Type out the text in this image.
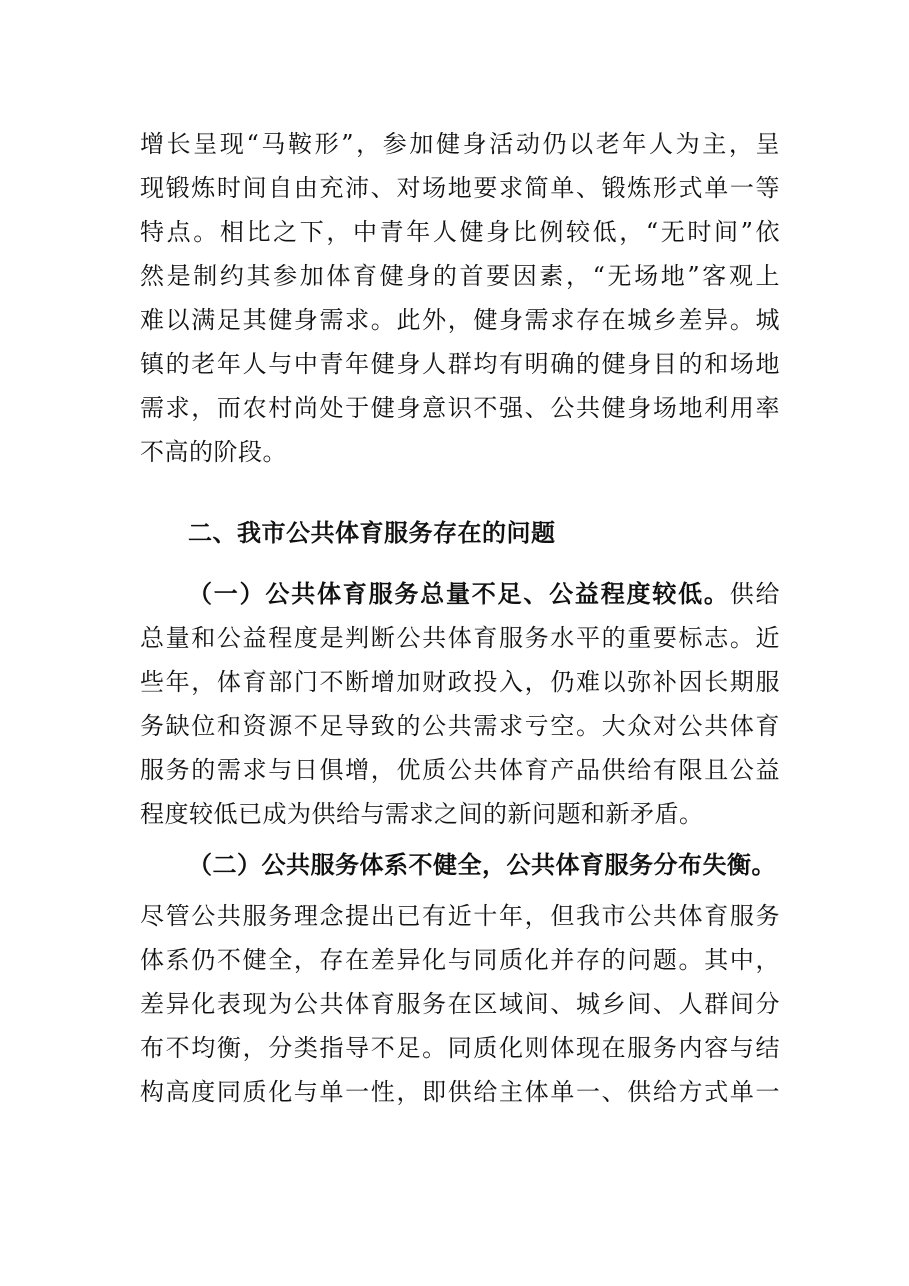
增长呈现“马鞍形”，参加健身活动仍以老年人为主，呈
现锻炼时间自由充沛、对场地要求简单、锻炼形式单一等
特点。相比之下，中青年人健身比例较低，“无时间”依
然是制约其参加体育健身的首要因素，“无场地”客观上
难以满足其健身需求。此外，健身需求存在城乡差异。城
镇的老年人与中青年健身人群均有明确的健身目的和场地
需求，而农村尚处于健身意识不强、公共健身场地利用率
不高的阶段。
二、我市公共体育服务存在的问题
（一）公共体育服务总量不足、公益程度较低。供给
总量和公益程度是判断公共体育服务水平的重要标志。近
些年，体育部门不断增加财政投入，仍难以弥补因长期服
务缺位和资源不足导致的公共需求亏空。大众对公共体育
服务的需求与日俱增，优质公共体育产品供给有限且公益
程度较低已成为供给与需求之间的新问题和新矛盾。
（二）公共服务体系不健全，公共体育服务分布失衡。
尽管公共服务理念提出已有近十年，但我市公共体育服务
体系仍不健全，存在差异化与同质化并存的问题。其中，
差异化表现为公共体育服务在区域间、城乡间、人群间分
布不均衡，分类指导不足。同质化则体现在服务内容与结
构高度同质化与单一性，即供给主体单一、供给方式单一
